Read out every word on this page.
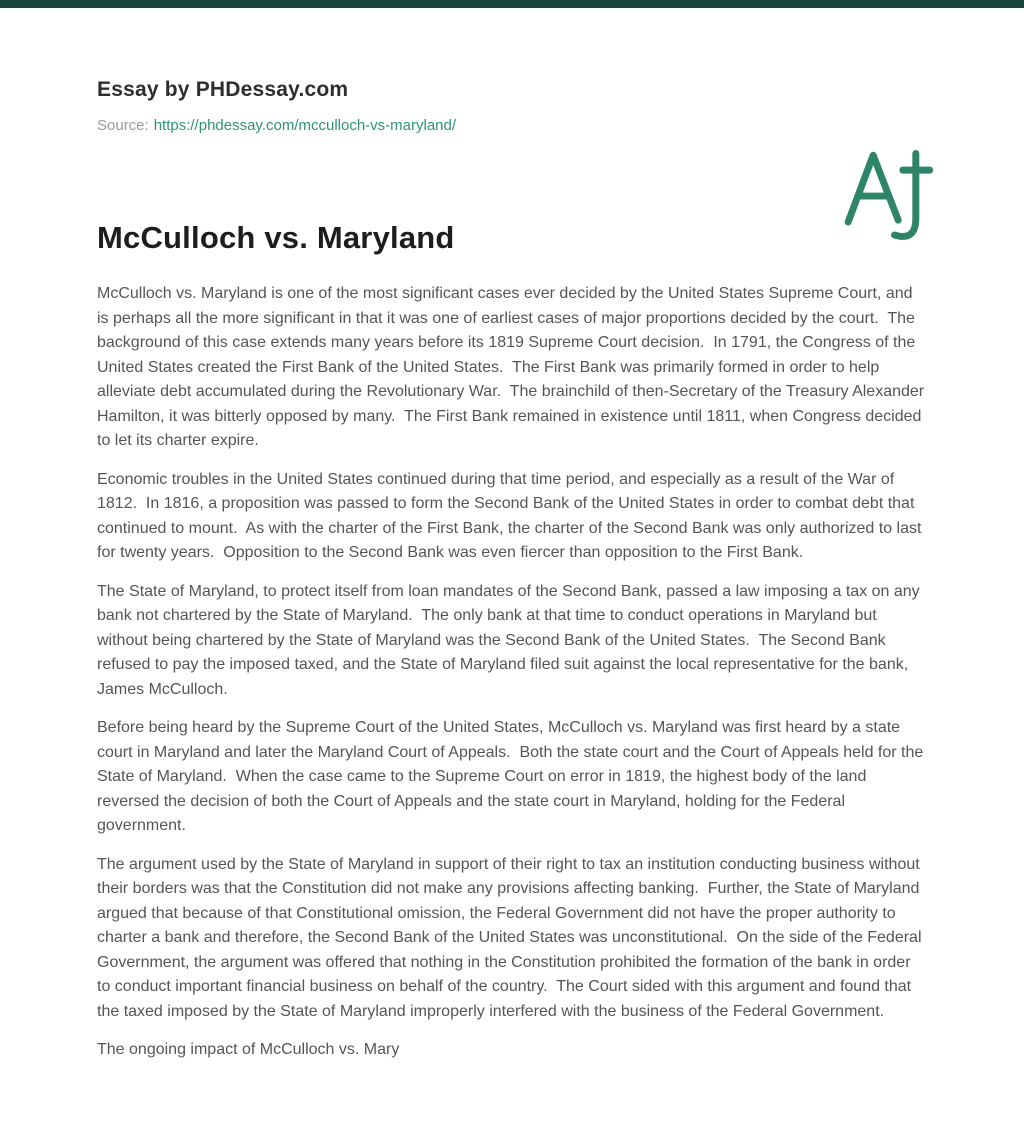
Essay by PHDessay.com
Source: https://phdessay.com/mcculloch-vs-maryland/
McCulloch vs. Maryland

McCulloch vs. Maryland is one of the most significant cases ever decided by the United States Supreme Court, and is perhaps all the more significant in that it was one of earliest cases of major proportions decided by the court.  The background of this case extends many years before its 1819 Supreme Court decision.  In 1791, the Congress of the United States created the First Bank of the United States.  The First Bank was primarily formed in order to help alleviate debt accumulated during the Revolutionary War.  The brainchild of then-Secretary of the Treasury Alexander Hamilton, it was bitterly opposed by many.  The First Bank remained in existence until 1811, when Congress decided to let its charter expire.

Economic troubles in the United States continued during that time period, and especially as a result of the War of 1812.  In 1816, a proposition was passed to form the Second Bank of the United States in order to combat debt that continued to mount.  As with the charter of the First Bank, the charter of the Second Bank was only authorized to last for twenty years.  Opposition to the Second Bank was even fiercer than opposition to the First Bank.

The State of Maryland, to protect itself from loan mandates of the Second Bank, passed a law imposing a tax on any bank not chartered by the State of Maryland.  The only bank at that time to conduct operations in Maryland but without being chartered by the State of Maryland was the Second Bank of the United States.  The Second Bank refused to pay the imposed taxed, and the State of Maryland filed suit against the local representative for the bank, James McCulloch.

Before being heard by the Supreme Court of the United States, McCulloch vs. Maryland was first heard by a state court in Maryland and later the Maryland Court of Appeals.  Both the state court and the Court of Appeals held for the State of Maryland.  When the case came to the Supreme Court on error in 1819, the highest body of the land reversed the decision of both the Court of Appeals and the state court in Maryland, holding for the Federal government.

The argument used by the State of Maryland in support of their right to tax an institution conducting business without their borders was that the Constitution did not make any provisions affecting banking.  Further, the State of Maryland argued that because of that Constitutional omission, the Federal Government did not have the proper authority to charter a bank and therefore, the Second Bank of the United States was unconstitutional.  On the side of the Federal Government, the argument was offered that nothing in the Constitution prohibited the formation of the bank in order to conduct important financial business on behalf of the country.  The Court sided with this argument and found that the taxed imposed by the State of Maryland improperly interfered with the business of the Federal Government.

The ongoing impact of McCulloch vs. Mary
